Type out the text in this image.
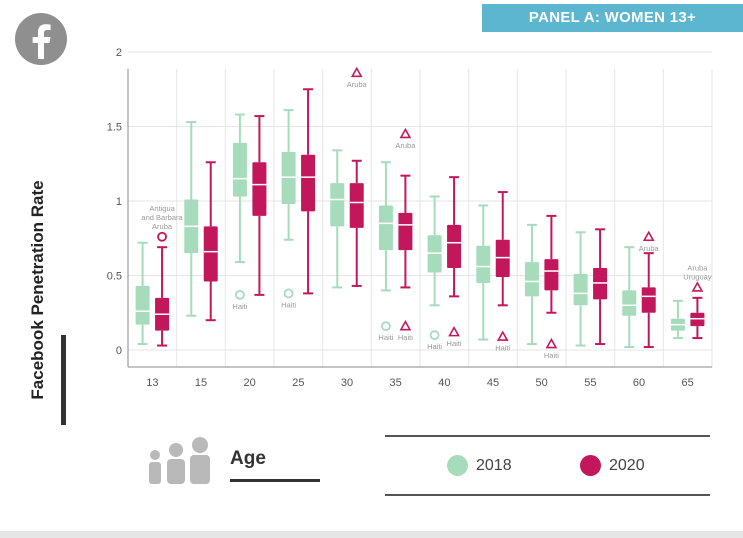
PANEL A: WOMEN 13+
Facebook Penetration Rate	0
0.5
1
1.5
2
13	15	20	25	30	35	40	45	50	55	60	65
Antigua
and Barbara
Aruba
Haiti	Haiti
Aruba
Haiti
Aruba
Haiti
Haiti Haiti	Haiti
Haiti
Aruba
Aruba
Uruguay
Age	2018	2020
